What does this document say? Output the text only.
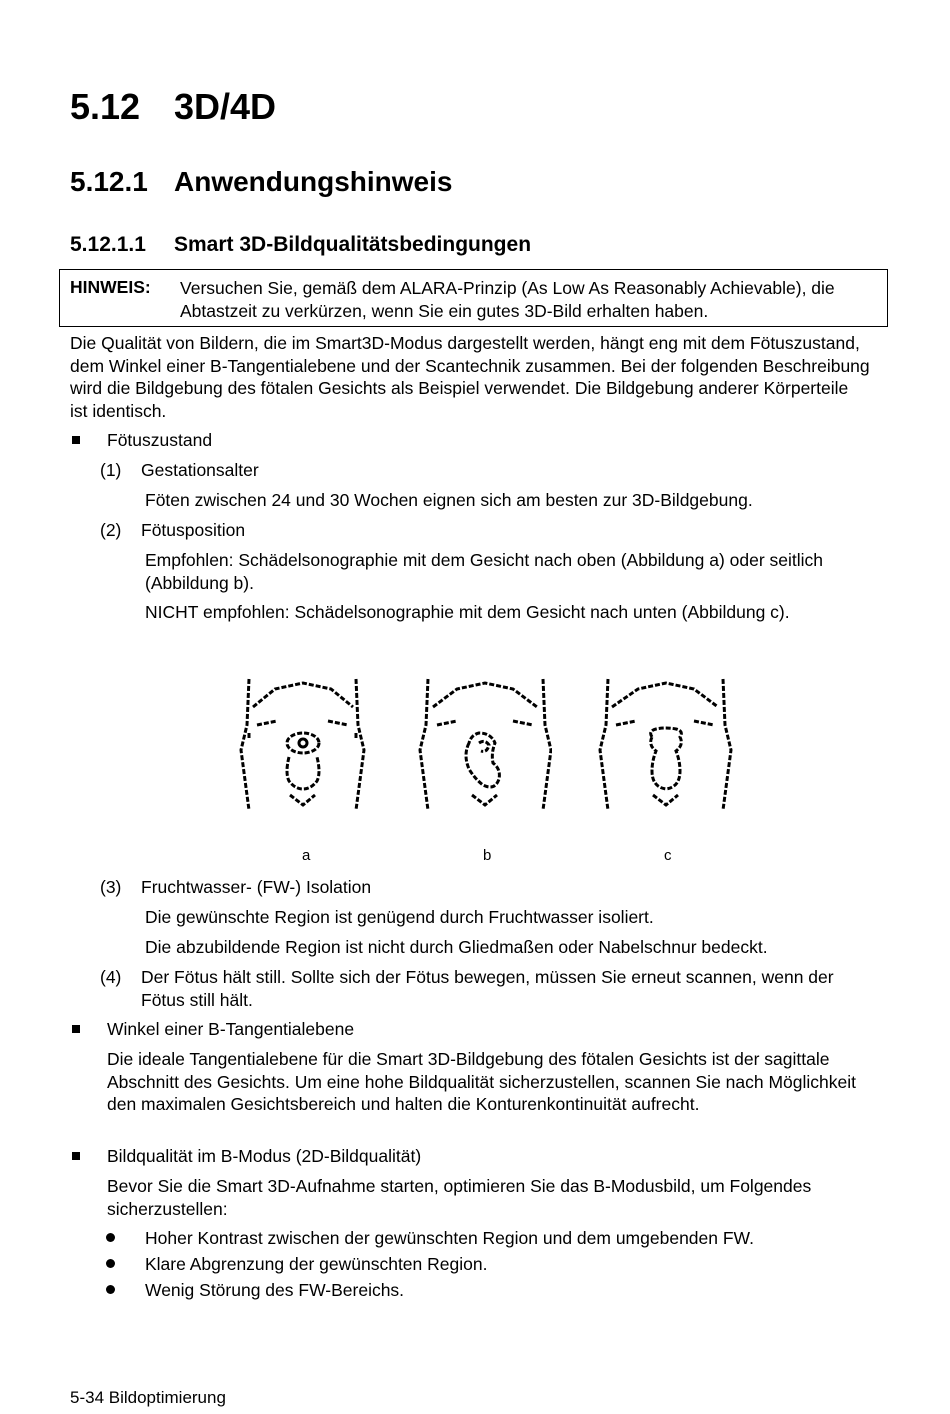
5.12 3D/4D
5.12.1 Anwendungshinweis
5.12.1.1 Smart 3D-Bildqualitätsbedingungen
HINWEIS: Versuchen Sie, gemäß dem ALARA-Prinzip (As Low As Reasonably Achievable), die Abtastzeit zu verkürzen, wenn Sie ein gutes 3D-Bild erhalten haben.
Die Qualität von Bildern, die im Smart3D-Modus dargestellt werden, hängt eng mit dem Fötuszustand, dem Winkel einer B-Tangentialebene und der Scantechnik zusammen. Bei der folgenden Beschreibung wird die Bildgebung des fötalen Gesichts als Beispiel verwendet. Die Bildgebung anderer Körperteile ist identisch.
Fötuszustand
(1) Gestationsalter
Föten zwischen 24 und 30 Wochen eignen sich am besten zur 3D-Bildgebung.
(2) Fötusposition
Empfohlen: Schädelsonographie mit dem Gesicht nach oben (Abbildung a) oder seitlich (Abbildung b).
NICHT empfohlen: Schädelsonographie mit dem Gesicht nach unten (Abbildung c).
a	b	c
(3) Fruchtwasser- (FW-) Isolation
Die gewünschte Region ist genügend durch Fruchtwasser isoliert.
Die abzubildende Region ist nicht durch Gliedmaßen oder Nabelschnur bedeckt.
(4) Der Fötus hält still. Sollte sich der Fötus bewegen, müssen Sie erneut scannen, wenn der Fötus still hält.
Winkel einer B-Tangentialebene
Die ideale Tangentialebene für die Smart 3D-Bildgebung des fötalen Gesichts ist der sagittale Abschnitt des Gesichts. Um eine hohe Bildqualität sicherzustellen, scannen Sie nach Möglichkeit den maximalen Gesichtsbereich und halten die Konturenkontinuität aufrecht.
Bildqualität im B-Modus (2D-Bildqualität)
Bevor Sie die Smart 3D-Aufnahme starten, optimieren Sie das B-Modusbild, um Folgendes sicherzustellen:
Hoher Kontrast zwischen der gewünschten Region und dem umgebenden FW.
Klare Abgrenzung der gewünschten Region.
Wenig Störung des FW-Bereichs.
5-34 Bildoptimierung
